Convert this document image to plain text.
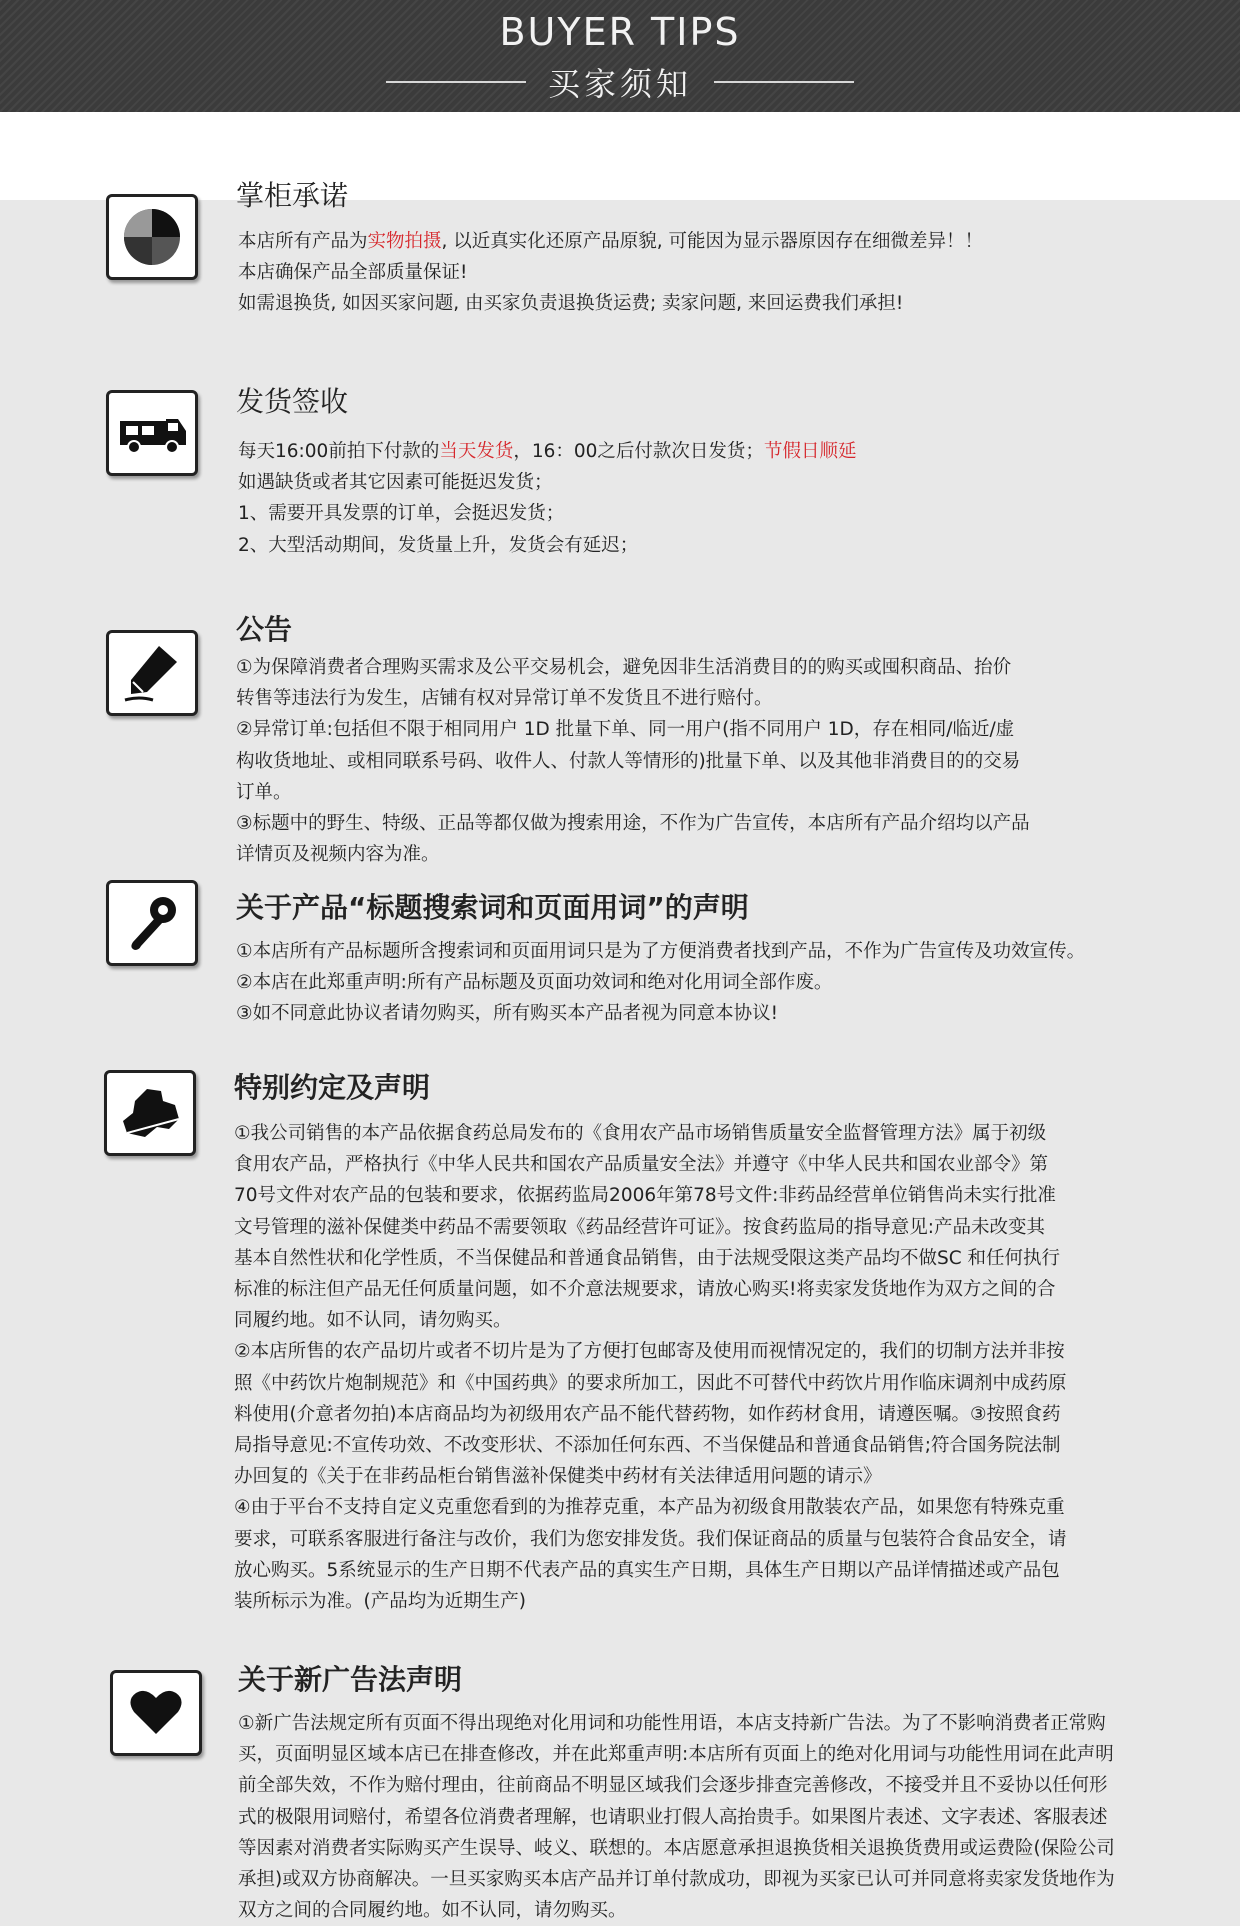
BUYER TIPS
买家须知
掌柜承诺

本店所有产品为实物拍摄, 以近真实化还原产品原貌, 可能因为显示器原因存在细微差异！！

本店确保产品全部质量保证!

如需退换货, 如因买家问题, 由买家负责退换货运费; 卖家问题, 来回运费我们承担!

发货签收

每天16:00前拍下付款的当天发货，16：00之后付款次日发货；节假日顺延

如遇缺货或者其它因素可能挺迟发货；

1、需要开具发票的订单，会挺迟发货；

2、大型活动期间，发货量上升，发货会有延迟；

公告

①为保障消费者合理购买需求及公平交易机会，避免因非生活消费目的的购买或囤积商品、抬价

转售等违法行为发生，店铺有权对异常订单不发货且不进行赔付。

②异常订单:包括但不限于相同用户 1D 批量下单、同一用户(指不同用户 1D，存在相同/临近/虚

构收货地址、或相同联系号码、收件人、付款人等情形的)批量下单、以及其他非消费目的的交易

订单。

③标题中的野生、特级、正品等都仅做为搜索用途，不作为广告宣传，本店所有产品介绍均以产品

详情页及视频内容为准。

关于产品“标题搜索词和页面用词”的声明

①本店所有产品标题所含搜索词和页面用词只是为了方便消费者找到产品，不作为广告宣传及功效宣传。

②本店在此郑重声明:所有产品标题及页面功效词和绝对化用词全部作废。

③如不同意此协议者请勿购买，所有购买本产品者视为同意本协议!

特别约定及声明

①我公司销售的本产品依据食药总局发布的《食用农产品市场销售质量安全监督管理方法》属于初级

食用农产品，严格执行《中华人民共和国农产品质量安全法》并遵守《中华人民共和国农业部令》第

70号文件对农产品的包装和要求，依据药监局2006年第78号文件:非药品经营单位销售尚未实行批准

文号管理的滋补保健类中药品不需要领取《药品经营许可证》。按食药监局的指导意见:产品未改变其

基本自然性状和化学性质，不当保健品和普通食品销售，由于法规受限这类产品均不做SC 和任何执行

标准的标注但产品无任何质量问题，如不介意法规要求，请放心购买!将卖家发货地作为双方之间的合

同履约地。如不认同，请勿购买。

②本店所售的农产品切片或者不切片是为了方便打包邮寄及使用而视情况定的，我们的切制方法并非按

照《中药饮片炮制规范》和《中国药典》的要求所加工，因此不可替代中药饮片用作临床调剂中成药原

料使用(介意者勿拍)本店商品均为初级用农产品不能代替药物，如作药材食用，请遵医嘱。③按照食药

局指导意见:不宣传功效、不改变形状、不添加任何东西、不当保健品和普通食品销售;符合国务院法制

办回复的《关于在非药品柜台销售滋补保健类中药材有关法律适用问题的请示》

④由于平台不支持自定义克重您看到的为推荐克重，本产品为初级食用散装农产品，如果您有特殊克重

要求，可联系客服进行备注与改价，我们为您安排发货。我们保证商品的质量与包装符合食品安全，请

放心购买。5系统显示的生产日期不代表产品的真实生产日期，具体生产日期以产品详情描述或产品包

装所标示为准。(产品均为近期生产)

关于新广告法声明

①新广告法规定所有页面不得出现绝对化用词和功能性用语，本店支持新广告法。为了不影响消费者正常购

买，页面明显区域本店已在排查修改，并在此郑重声明:本店所有页面上的绝对化用词与功能性用词在此声明

前全部失效，不作为赔付理由，往前商品不明显区域我们会逐步排查完善修改，不接受并且不妥协以任何形

式的极限用词赔付，希望各位消费者理解，也请职业打假人高抬贵手。如果图片表述、文字表述、客服表述

等因素对消费者实际购买产生误导、岐义、联想的。本店愿意承担退换货相关退换货费用或运费险(保险公司

承担)或双方协商解决。一旦买家购买本店产品并订单付款成功，即视为买家已认可并同意将卖家发货地作为

双方之间的合同履约地。如不认同，请勿购买。
